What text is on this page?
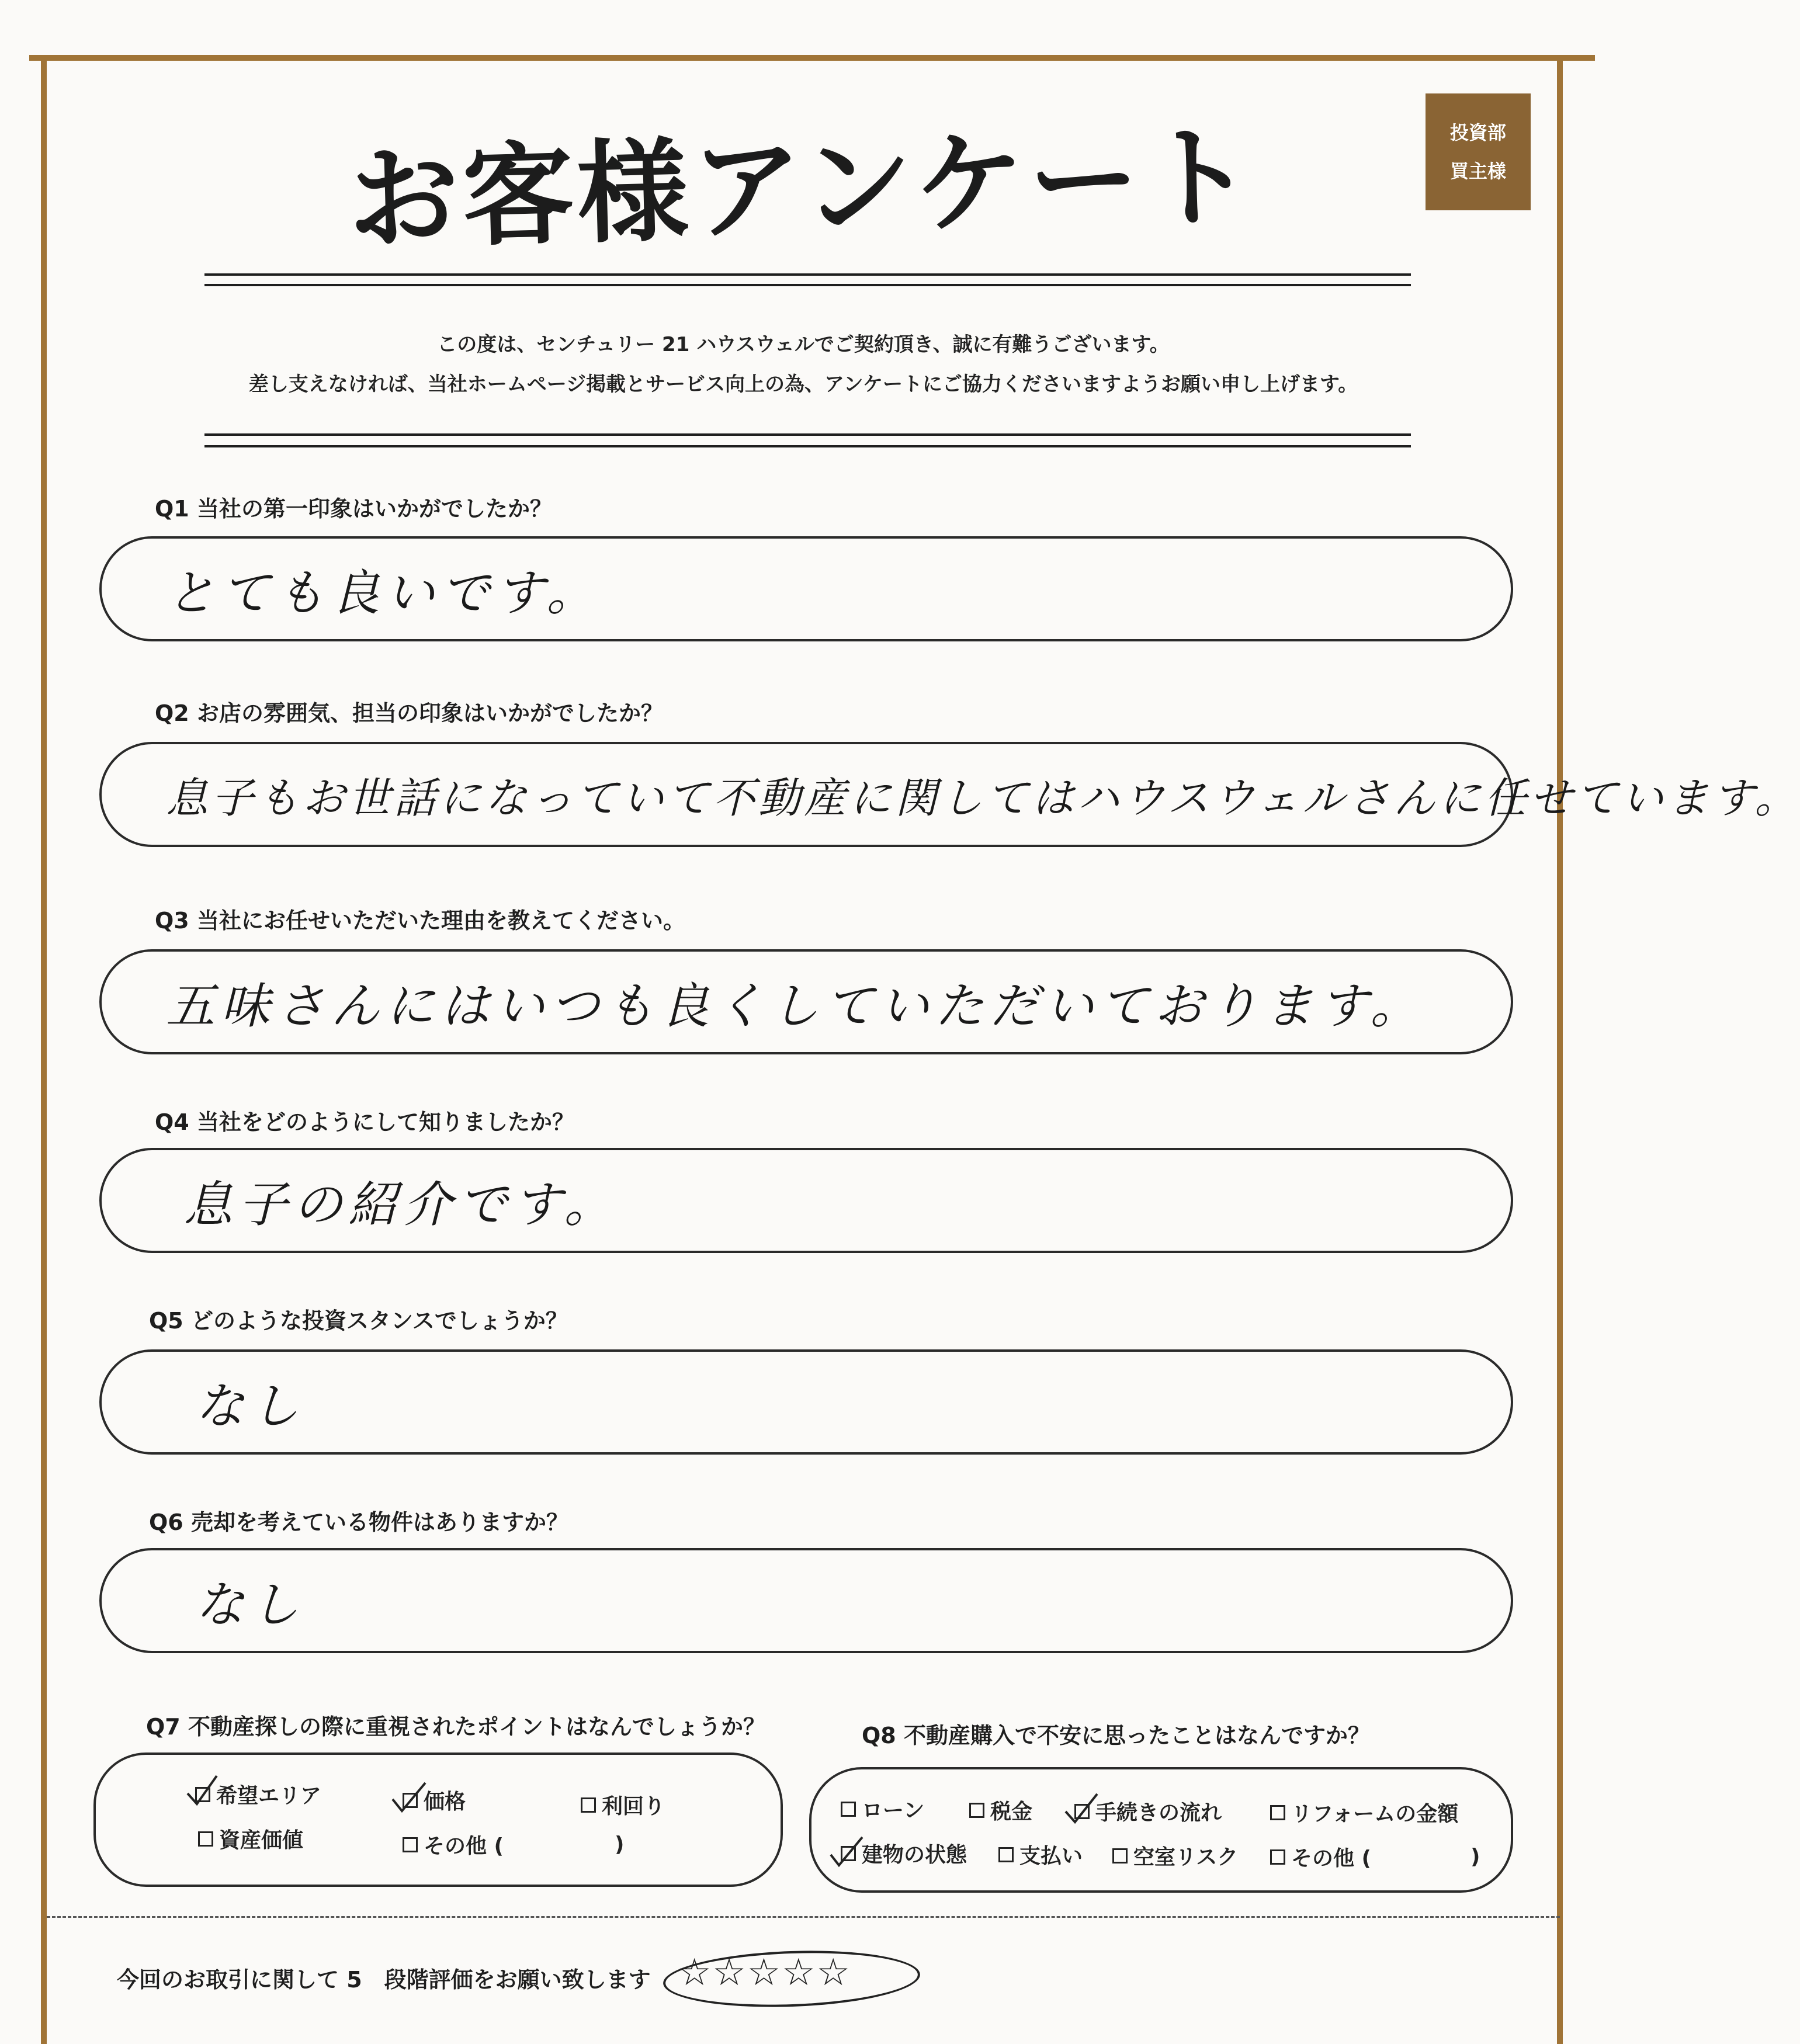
お客様アンケート	投資部
買主様
この度は、センチュリー 21 ハウスウェルでご契約頂き、誠に有難うございます。
差し支えなければ、当社ホームページ掲載とサービス向上の為、アンケートにご協力くださいますようお願い申し上げます。
Q1 当社の第一印象はいかがでしたか？
とても良いです。
Q2 お店の雰囲気、担当の印象はいかがでしたか？
息子もお世話になっていて不動産に関してはハウスウェルさんに任せています。
Q3 当社にお任せいただいた理由を教えてください。
五味さんにはいつも良くしていただいております。
Q4 当社をどのようにして知りましたか？
息子の紹介です。
Q5 どのような投資スタンスでしょうか？
なし
Q6 売却を考えている物件はありますか？
なし
Q7 不動産探しの際に重視されたポイントはなんでしょうか？
希望エリア	価格	利回り
資産価値	その他 (	)
Q8 不動産購入で不安に思ったことはなんですか？
ローン	税金	手続きの流れ	リフォームの金額
建物の状態 支払い 空室リスク	その他 (	)
今回のお取引に関して 5　段階評価をお願い致します ☆☆☆☆☆
